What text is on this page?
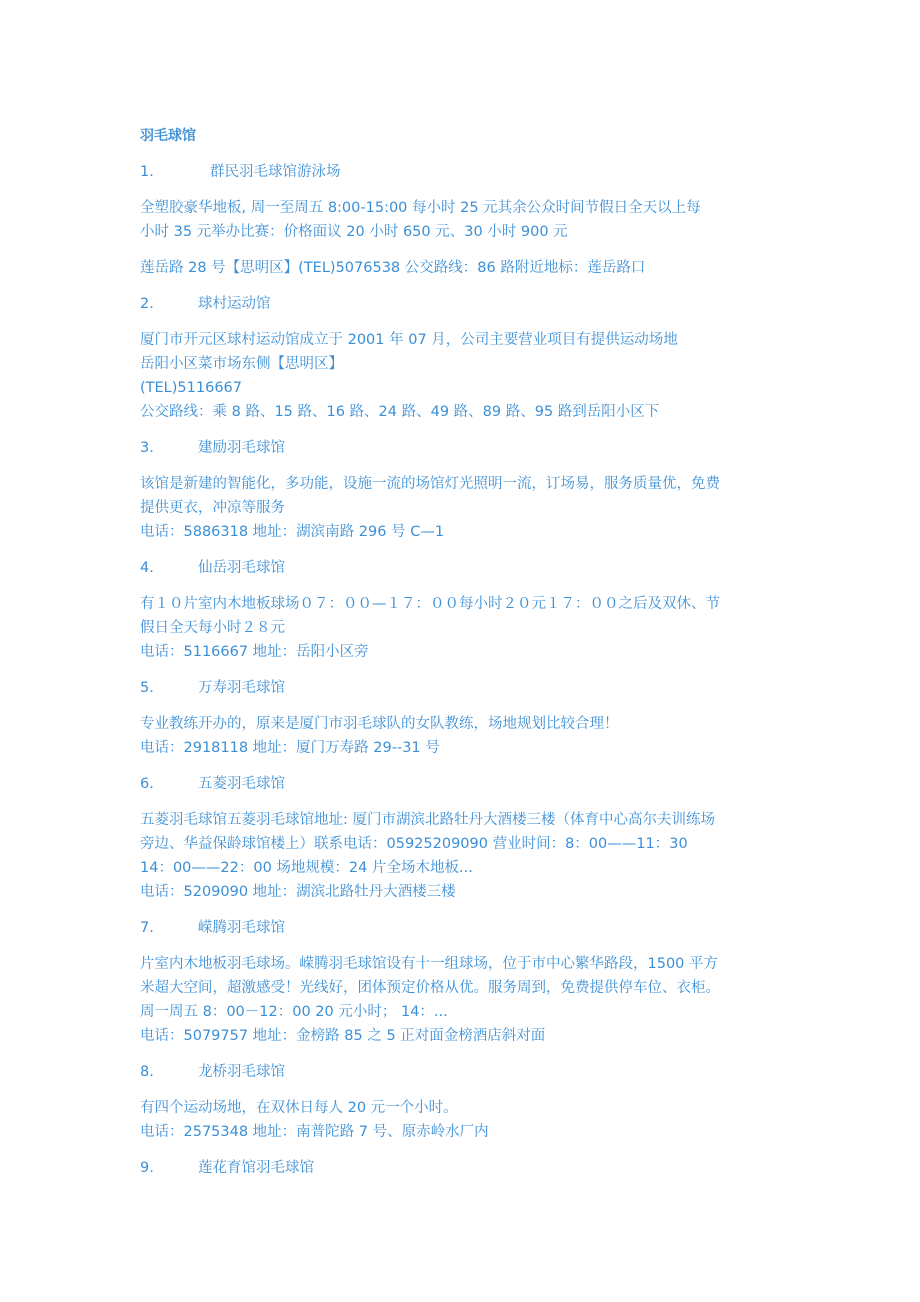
羽毛球馆
1.	群民羽毛球馆游泳场
全塑胶豪华地板, 周一至周五 8:00-15:00 每小时 25 元其余公众时间节假日全天以上每
小时 35 元举办比赛：价格面议 20 小时 650 元、30 小时 900 元
莲岳路 28 号【思明区】(TEL)5076538 公交路线：86 路附近地标：莲岳路口
2.	球村运动馆
厦门市开元区球村运动馆成立于 2001 年 07 月，公司主要营业项目有提供运动场地
岳阳小区菜市场东侧【思明区】
(TEL)5116667
公交路线：乘 8 路、15 路、16 路、24 路、49 路、89 路、95 路到岳阳小区下
3.	建励羽毛球馆
该馆是新建的智能化，多功能，设施一流的场馆灯光照明一流，订场易，服务质量优，免费
提供更衣，冲凉等服务
电话：5886318 地址：湖滨南路 296 号 C—1
4.	仙岳羽毛球馆
有１０片室内木地板球场０７：００—１７：００每小时２０元１７：００之后及双休、节
假日全天每小时２８元
电话：5116667 地址：岳阳小区旁
5.	万寿羽毛球馆
专业教练开办的，原来是厦门市羽毛球队的女队教练，场地规划比较合理！
电话：2918118 地址：厦门万寿路 29--31 号
6.	五菱羽毛球馆
五菱羽毛球馆五菱羽毛球馆地址: 厦门市湖滨北路牡丹大酒楼三楼（体育中心高尔夫训练场
旁边、华益保龄球馆楼上）联系电话：05925209090 营业时间：8：00——11：30
14：00——22：00 场地规模：24 片全场木地板...
电话：5209090 地址：湖滨北路牡丹大酒楼三楼
7.	嵘腾羽毛球馆
片室内木地板羽毛球场。嵘腾羽毛球馆设有十一组球场，位于市中心繁华路段，1500 平方
米超大空间，超激感受！光线好，团体预定价格从优。服务周到，免费提供停车位、衣柜。
周一周五 8：00－12：00 20 元小时； 14：...
电话：5079757 地址：金榜路 85 之 5 正对面金榜酒店斜对面
8.	龙桥羽毛球馆
有四个运动场地，在双休日每人 20 元一个小时。
电话：2575348 地址：南普陀路 7 号、原赤岭水厂内
9.	莲花育馆羽毛球馆
